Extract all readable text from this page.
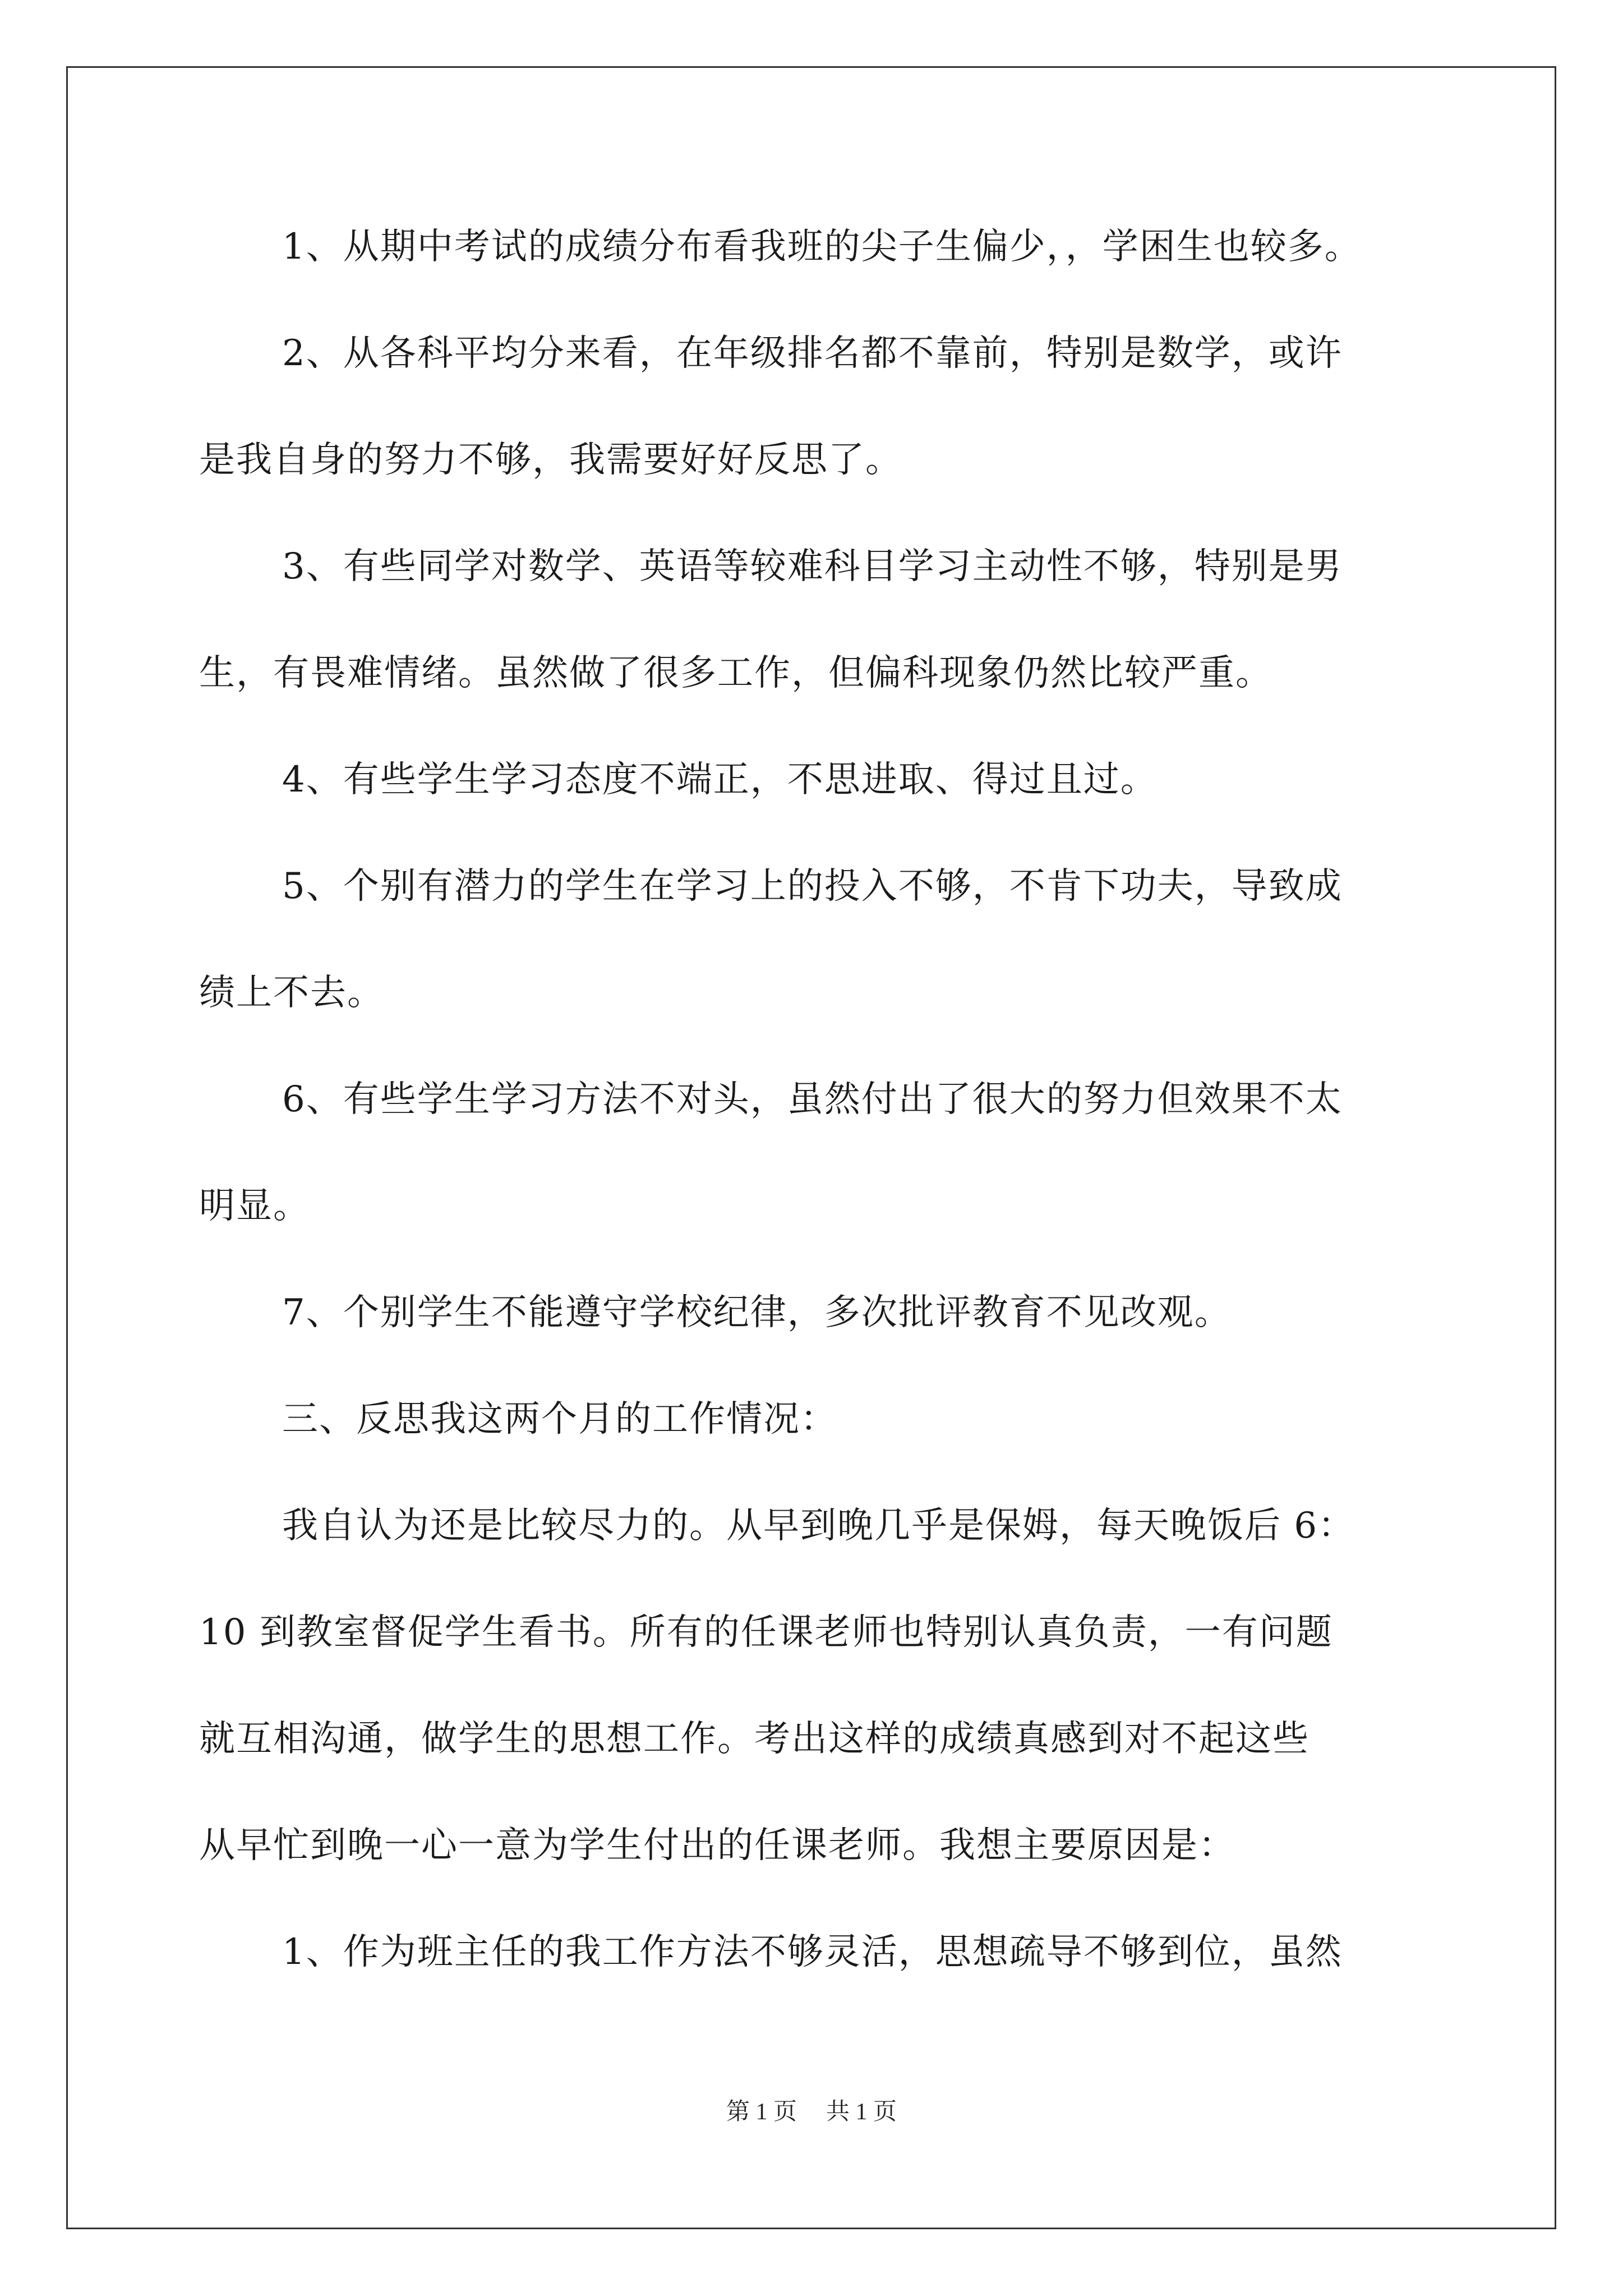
1、从期中考试的成绩分布看我班的尖子生偏少，，学困生也较多。
2、从各科平均分来看，在年级排名都不靠前，特别是数学，或许
是我自身的努力不够，我需要好好反思了。
3、有些同学对数学、英语等较难科目学习主动性不够，特别是男
生，有畏难情绪。虽然做了很多工作，但偏科现象仍然比较严重。
4、有些学生学习态度不端正，不思进取、得过且过。
5、个别有潜力的学生在学习上的投入不够，不肯下功夫，导致成
绩上不去。
6、有些学生学习方法不对头，虽然付出了很大的努力但效果不太
明显。
7、个别学生不能遵守学校纪律，多次批评教育不见改观。
三、反思我这两个月的工作情况：
我自认为还是比较尽力的。从早到晚几乎是保姆，每天晚饭后 6：
10 到教室督促学生看书。所有的任课老师也特别认真负责，一有问题
就互相沟通，做学生的思想工作。考出这样的成绩真感到对不起这些
从早忙到晚一心一意为学生付出的任课老师。我想主要原因是：
1、作为班主任的我工作方法不够灵活，思想疏导不够到位，虽然
第 1 页 共 1 页
